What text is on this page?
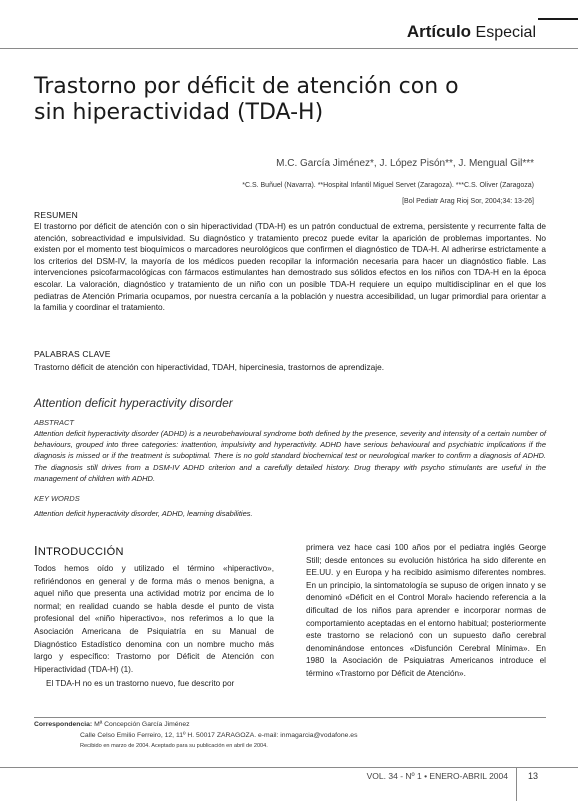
Artículo Especial
Trastorno por déficit de atención con o sin hiperactividad (TDA-H)
M.C. García Jiménez*, J. López Pisón**, J. Mengual Gil***
*C.S. Buñuel (Navarra). **Hospital Infantil Miguel Servet (Zaragoza). ***C.S. Oliver (Zaragoza)
[Bol Pediatr Arag Rioj Sor, 2004;34: 13-26]
RESUMEN
El trastorno por déficit de atención con o sin hiperactividad (TDA-H) es un patrón conductual de extrema, persistente y recurrente falta de atención, sobreactividad e impulsividad. Su diagnóstico y tratamiento precoz puede evitar la aparición de problemas importantes. No existen por el momento test bioquímicos o marcadores neurológicos que confirmen el diagnóstico de TDA-H. Al adherirse estrictamente a los criterios del DSM-IV, la mayoría de los médicos pueden recopilar la información necesaria para hacer un diagnóstico fiable. Las intervenciones psicofarmacológicas con fármacos estimulantes han demostrado sus sólidos efectos en los niños con TDA-H en la época escolar. La valoración, diagnóstico y tratamiento de un niño con un posible TDA-H requiere un equipo multidisciplinar en el que los pediatras de Atención Primaria ocupamos, por nuestra cercanía a la población y nuestra accesibilidad, un lugar primordial para orientar a la familia y coordinar el tratamiento.
PALABRAS CLAVE
Trastorno déficit de atención con hiperactividad, TDAH, hipercinesia, trastornos de aprendizaje.
Attention deficit hyperactivity disorder
ABSTRACT
Attention deficit hyperactivity disorder (ADHD) is a neurobehavioural syndrome both defined by the presence, severity and intensity of a certain number of behaviours, grouped into three categories: inattention, impulsivity and hyperactivity. ADHD have serious behavioural and psychiatric implications if the diagnosis is missed or if the treatment is suboptimal. There is no gold standard biochemical test or neurological marker to confirm a diagnosis of ADHD. The diagnosis still drives from a DSM-IV ADHD criterion and a carefully detailed history. Drug therapy with psycho stimulants are useful in the management of children with ADHD.
KEY WORDS
Attention deficit hyperactivity disorder, ADHD, learning disabilities.
INTRODUCCIÓN

Todos hemos oído y utilizado el término «hiperactivo», refiriéndonos en general y de forma más o menos benigna, a aquel niño que presenta una actividad motriz por encima de lo normal; en realidad cuando se habla desde el punto de vista profesional del «niño hiperactivo», nos referimos a lo que la Asociación Americana de Psiquiatría en su Manual de Diagnóstico Estadístico denomina con un nombre mucho más largo y específico: Trastorno por Déficit de Atención con Hiperactividad (TDA-H) (1).

El TDA-H no es un trastorno nuevo, fue descrito por

primera vez hace casi 100 años por el pediatra inglés George Still; desde entonces su evolución histórica ha sido diferente en EE.UU. y en Europa y ha recibido asimismo diferentes nombres. En un principio, la sintomatología se supuso de origen innato y se denominó «Déficit en el Control Moral» haciendo referencia a la dificultad de los niños para aprender e incorporar normas de comportamiento aceptadas en el entorno habitual; posteriormente este trastorno se relacionó con un supuesto daño cerebral denominándose entonces «Disfunción Cerebral Mínima». En 1980 la Asociación de Psiquiatras Americanos introduce el término «Trastorno por Déficit de Atención».

Correspondencia: Mª Concepción García Jiménez
Calle Celso Emilio Ferreiro, 12, 11º H. 50017 ZARAGOZA. e-mail: inmagarcia@vodafone.es
Recibido en marzo de 2004. Aceptado para su publicación en abril de 2004.
VOL. 34 - Nº 1 • ENERO-ABRIL 2004 13
